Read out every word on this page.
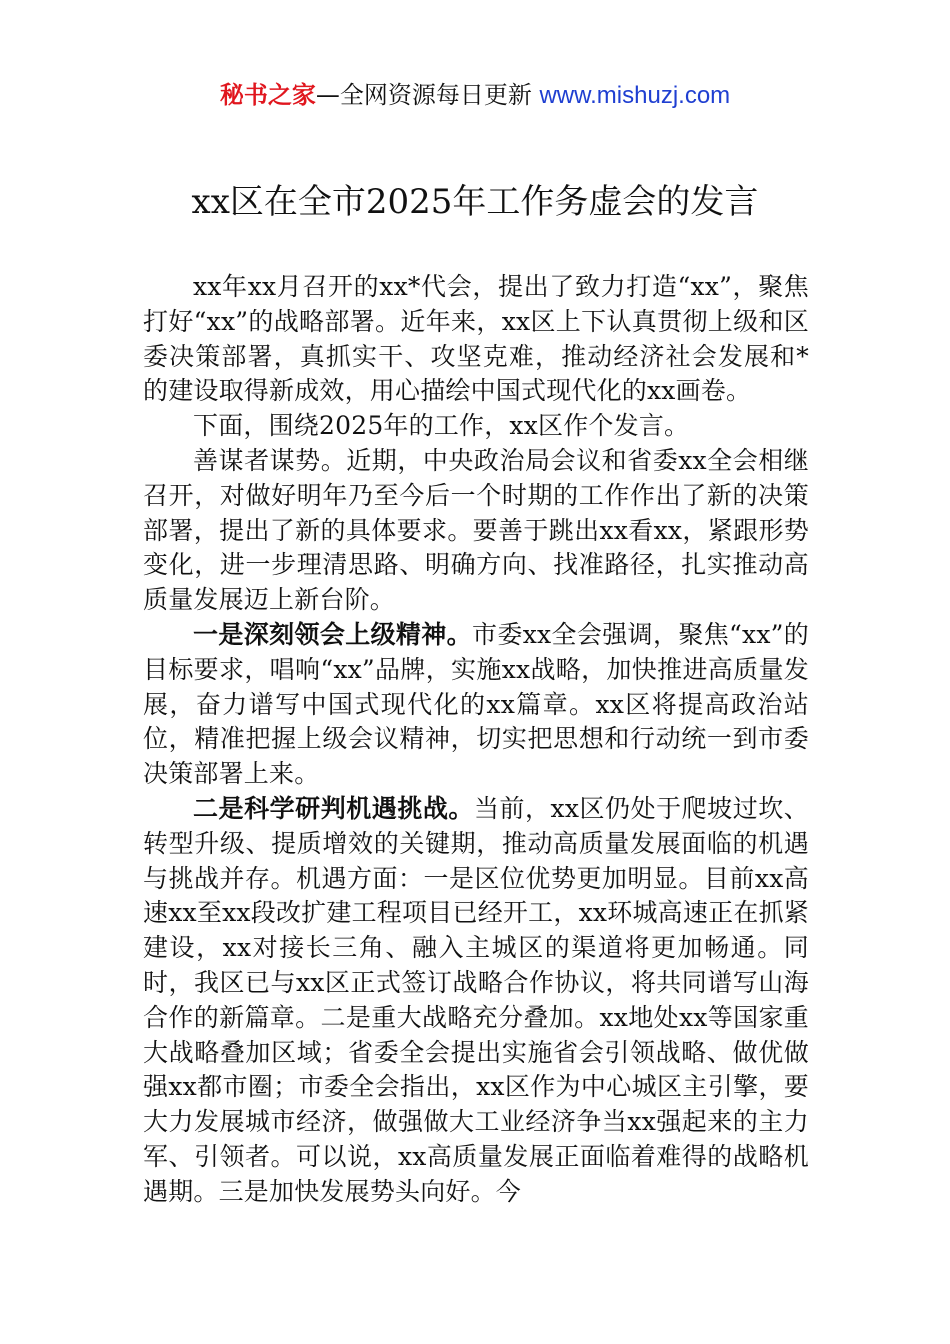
秘书之家—全网资源每日更新 www.mishuzj.com
xx区在全市2025年工作务虚会的发言

xx年xx月召开的xx*代会，提出了致力打造“xx”，聚焦打好“xx”的战略部署。近年来，xx区上下认真贯彻上级和区委决策部署，真抓实干、攻坚克难，推动经济社会发展和*的建设取得新成效，用心描绘中国式现代化的xx画卷。

下面，围绕2025年的工作，xx区作个发言。

善谋者谋势。近期，中央政治局会议和省委xx全会相继召开，对做好明年乃至今后一个时期的工作作出了新的决策部署，提出了新的具体要求。要善于跳出xx看xx，紧跟形势变化，进一步理清思路、明确方向、找准路径，扎实推动高质量发展迈上新台阶。

一是深刻领会上级精神。市委xx全会强调，聚焦“xx”的目标要求，唱响“xx”品牌，实施xx战略，加快推进高质量发展，奋力谱写中国式现代化的xx篇章。xx区将提高政治站位，精准把握上级会议精神，切实把思想和行动统一到市委决策部署上来。

二是科学研判机遇挑战。当前，xx区仍处于爬坡过坎、转型升级、提质增效的关键期，推动高质量发展面临的机遇与挑战并存。机遇方面：一是区位优势更加明显。目前xx高速xx至xx段改扩建工程项目已经开工，xx环城高速正在抓紧建设，xx对接长三角、融入主城区的渠道将更加畅通。同时，我区已与xx区正式签订战略合作协议，将共同谱写山海合作的新篇章。二是重大战略充分叠加。xx地处xx等国家重大战略叠加区域；省委全会提出实施省会引领战略、做优做强xx都市圈；市委全会指出，xx区作为中心城区主引擎，要大力发展城市经济，做强做大工业经济争当xx强起来的主力军、引领者。可以说，xx高质量发展正面临着难得的战略机遇期。三是加快发展势头向好。今
